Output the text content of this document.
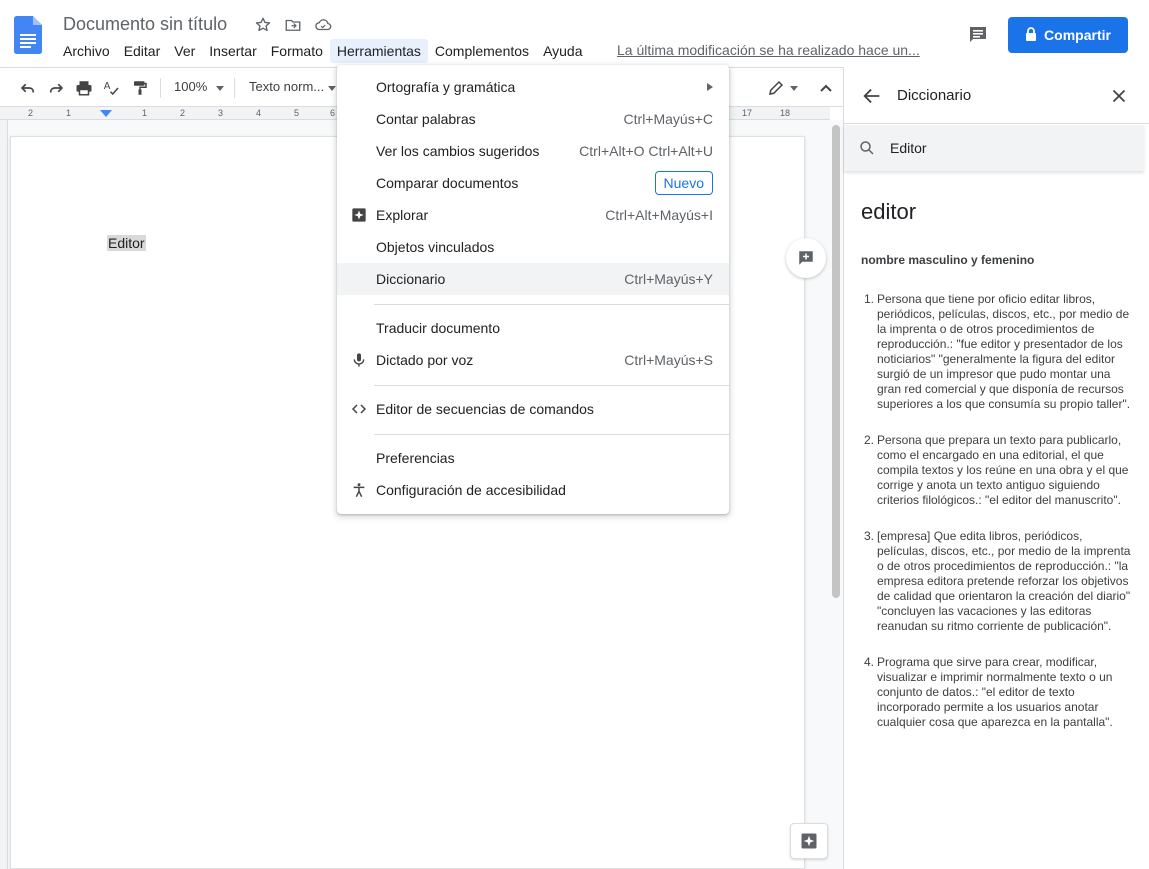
Documento sin título
Archivo	Editar	Ver	Insertar	Formato	Herramientas	Complementos	Ayuda	La última modificación se ha realizado hace un...
Compartir
A	100%	Texto norm...
2	1	1	2	3	4	5	6	17	18
Editor
Diccionario
Editor
editor
nombre masculino y femenino
1. Persona que tiene por oficio editar libros, periódicos, películas, discos, etc., por medio de la imprenta o de otros procedimientos de reproducción.: "fue editor y presentador de los noticiarios" "generalmente la figura del editor surgió de un impresor que pudo montar una gran red comercial y que disponía de recursos superiores a los que consumía su propio taller".
2. Persona que prepara un texto para publicarlo, como el encargado en una editorial, el que compila textos y los reúne en una obra y el que corrige y anota un texto antiguo siguiendo criterios filológicos.: "el editor del manuscrito".
3. [empresa] Que edita libros, periódicos, películas, discos, etc., por medio de la imprenta o de otros procedimientos de reproducción.: "la empresa editora pretende reforzar los objetivos de calidad que orientaron la creación del diario" "concluyen las vacaciones y las editoras reanudan su ritmo corriente de publicación".
4. Programa que sirve para crear, modificar, visualizar e imprimir normalmente texto o un conjunto de datos.: "el editor de texto incorporado permite a los usuarios anotar cualquier cosa que aparezca en la pantalla".
Ortografía y gramática
Contar palabras	Ctrl+Mayús+C
Ver los cambios sugeridos	Ctrl+Alt+O Ctrl+Alt+U
Comparar documentos	Nuevo
Explorar	Ctrl+Alt+Mayús+I
Objetos vinculados
Diccionario	Ctrl+Mayús+Y
Traducir documento
Dictado por voz	Ctrl+Mayús+S
Editor de secuencias de comandos
Preferencias
Configuración de accesibilidad
